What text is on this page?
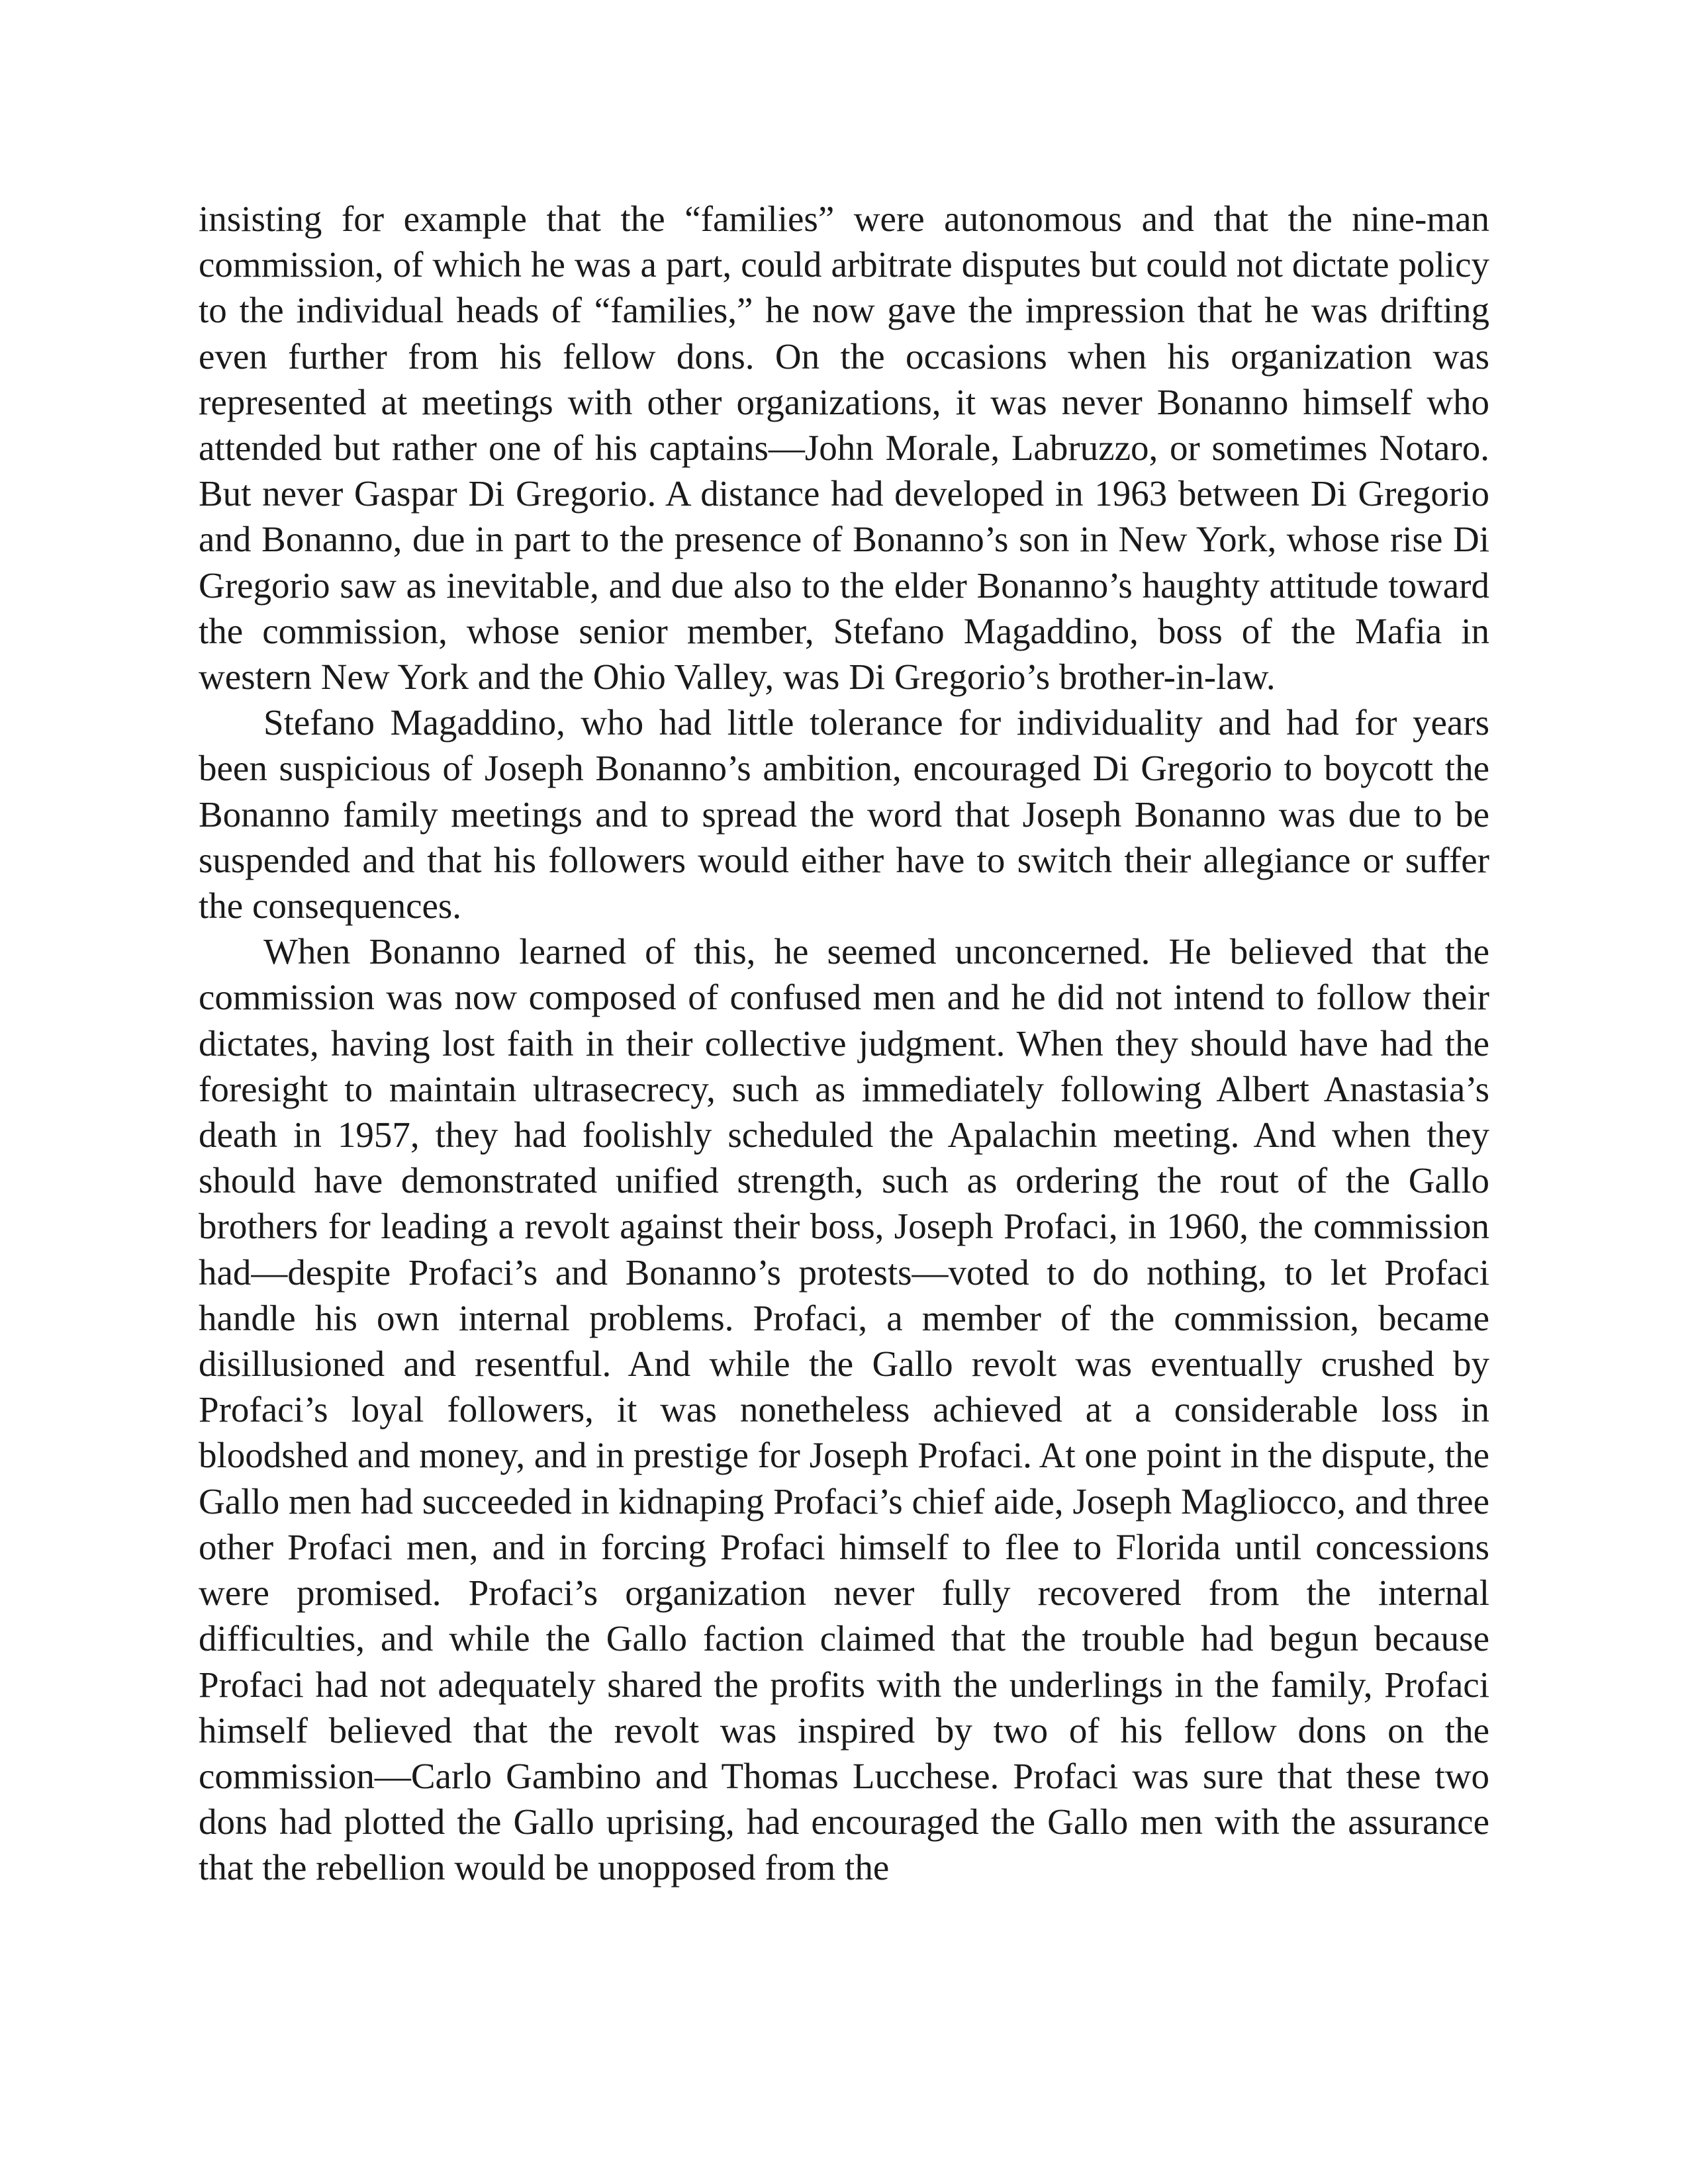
insisting for example that the “families” were autonomous and that the nine-man commission, of which he was a part, could arbitrate disputes but could not dictate policy to the individual heads of “families,” he now gave the impression that he was drifting even further from his fellow dons. On the occasions when his organization was represented at meetings with other organizations, it was never Bonanno himself who attended but rather one of his captains—John Morale, Labruzzo, or sometimes Notaro. But never Gaspar Di Gregorio. A distance had developed in 1963 between Di Gregorio and Bonanno, due in part to the presence of Bonanno’s son in New York, whose rise Di Gregorio saw as inevitable, and due also to the elder Bonanno’s haughty attitude toward the commission, whose senior member, Stefano Magaddino, boss of the Mafia in western New York and the Ohio Valley, was Di Gregorio’s brother-in-law.

Stefano Magaddino, who had little tolerance for individuality and had for years been suspicious of Joseph Bonanno’s ambition, encouraged Di Gregorio to boycott the Bonanno family meetings and to spread the word that Joseph Bonanno was due to be suspended and that his followers would either have to switch their allegiance or suffer the consequences.

When Bonanno learned of this, he seemed unconcerned. He believed that the commission was now composed of confused men and he did not intend to follow their dictates, having lost faith in their collective judgment. When they should have had the foresight to maintain ultrasecrecy, such as immediately following Albert Anastasia’s death in 1957, they had foolishly scheduled the Apalachin meeting. And when they should have demonstrated unified strength, such as ordering the rout of the Gallo brothers for leading a revolt against their boss, Joseph Profaci, in 1960, the commission had—despite Profaci’s and Bonanno’s protests—voted to do nothing, to let Profaci handle his own internal problems. Profaci, a member of the commission, became disillusioned and resentful. And while the Gallo revolt was eventually crushed by Profaci’s loyal followers, it was nonetheless achieved at a considerable loss in bloodshed and money, and in prestige for Joseph Profaci. At one point in the dispute, the Gallo men had succeeded in kidnaping Profaci’s chief aide, Joseph Magliocco, and three other Profaci men, and in forcing Profaci himself to flee to Florida until concessions were promised. Profaci’s organization never fully recovered from the internal difficulties, and while the Gallo faction claimed that the trouble had begun because Profaci had not adequately shared the profits with the underlings in the family, Profaci himself believed that the revolt was inspired by two of his fellow dons on the commission—Carlo Gambino and Thomas Lucchese. Profaci was sure that these two dons had plotted the Gallo uprising, had encouraged the Gallo men with the assurance that the rebellion would be unopposed from the
